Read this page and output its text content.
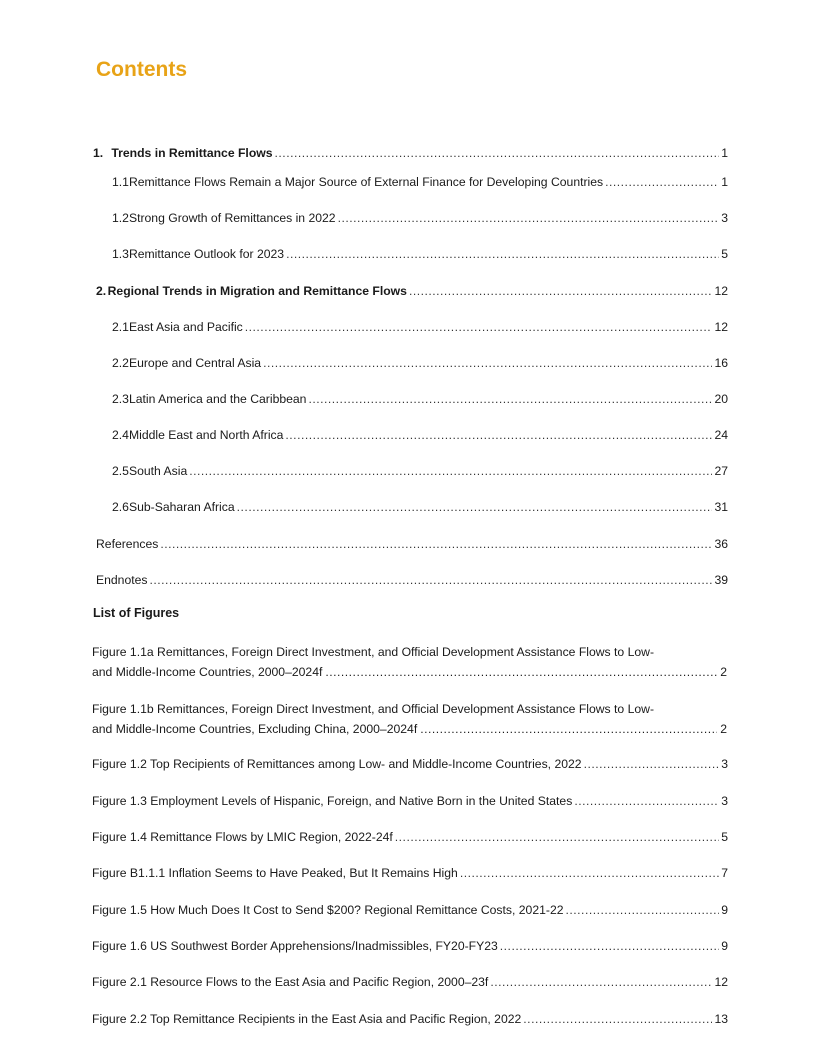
Contents
1. Trends in Remittance Flows .....	1
1.1 Remittance Flows Remain a Major Source of External Finance for Developing Countries .....	1
1.2 Strong Growth of Remittances in 2022 .....	3
1.3 Remittance Outlook for 2023 .....	5
2. Regional Trends in Migration and Remittance Flows .....	12
2.1 East Asia and Pacific .....	12
2.2 Europe and Central Asia .....	16
2.3 Latin America and the Caribbean .....	20
2.4 Middle East and North Africa .....	24
2.5 South Asia .....	27
2.6 Sub-Saharan Africa .....	31
References .....	36
Endnotes .....	39
List of Figures
Figure 1.1a Remittances, Foreign Direct Investment, and Official Development Assistance Flows to Low-
and Middle-Income Countries, 2000–2024f .....	2
Figure 1.1b Remittances, Foreign Direct Investment, and Official Development Assistance Flows to Low-
and Middle-Income Countries, Excluding China, 2000–2024f .....	2
Figure 1.2 Top Recipients of Remittances among Low- and Middle-Income Countries, 2022 .....	3
Figure 1.3 Employment Levels of Hispanic, Foreign, and Native Born in the United States .....	3
Figure 1.4 Remittance Flows by LMIC Region, 2022-24f .....	5
Figure B1.1.1 Inflation Seems to Have Peaked, But It Remains High .....	7
Figure 1.5 How Much Does It Cost to Send $200? Regional Remittance Costs, 2021-22 .....	9
Figure 1.6 US Southwest Border Apprehensions/Inadmissibles, FY20-FY23 .....	9
Figure 2.1 Resource Flows to the East Asia and Pacific Region, 2000–23f .....	12
Figure 2.2 Top Remittance Recipients in the East Asia and Pacific Region, 2022 .....	13
